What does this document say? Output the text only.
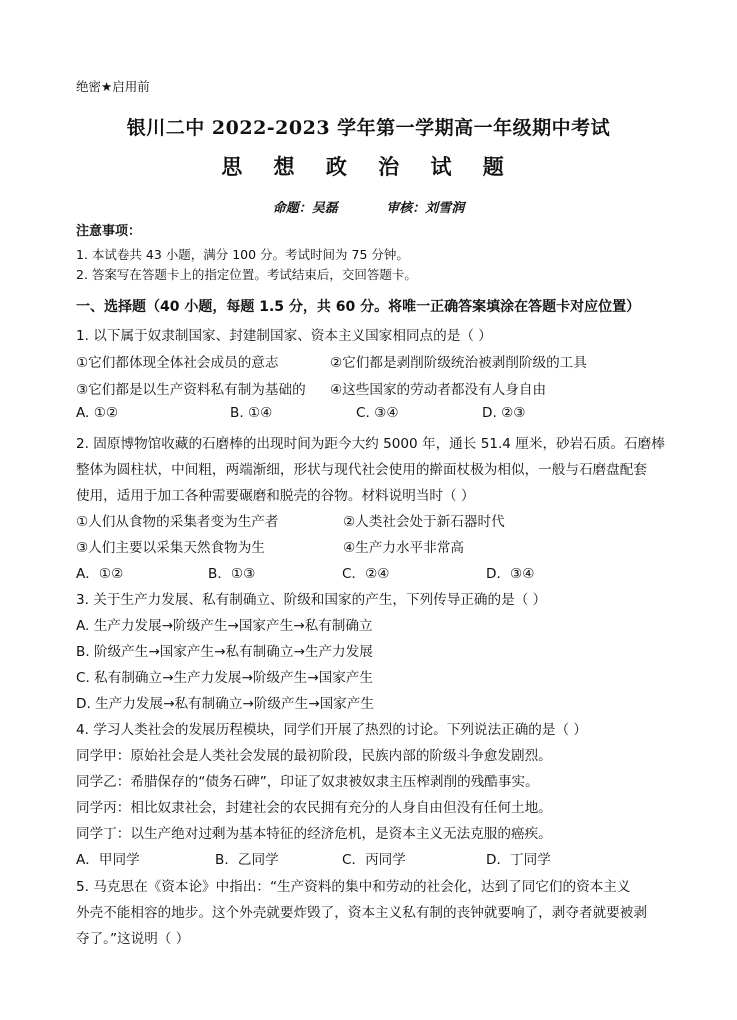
绝密★启用前
银川二中 2022-2023 学年第一学期高一年级期中考试
思 想 政 治 试 题
命题：吴磊	审核：刘雪润
注意事项：
1. 本试卷共 43 小题，满分 100 分。考试时间为 75 分钟。
2. 答案写在答题卡上的指定位置。考试结束后，交回答题卡。
一、选择题（40 小题，每题 1.5 分，共 60 分。将唯一正确答案填涂在答题卡对应位置）
1. 以下属于奴隶制国家、封建制国家、资本主义国家相同点的是（ ）
①它们都体现全体社会成员的意志	②它们都是剥削阶级统治被剥削阶级的工具
③它们都是以生产资料私有制为基础的 ④这些国家的劳动者都没有人身自由
A. ①②	B. ①④	C. ③④	D. ②③
2. 固原博物馆收藏的石磨棒的出现时间为距今大约 5000 年，通长 51.4 厘米，砂岩石质。石磨棒
整体为圆柱状，中间粗，两端渐细，形状与现代社会使用的擀面杖极为相似，一般与石磨盘配套
使用，适用于加工各种需要碾磨和脱壳的谷物。材料说明当时（ ）
①人们从食物的采集者变为生产者	②人类社会处于新石器时代
③人们主要以采集天然食物为生	④生产力水平非常高
A．①②	B．①③	C．②④	D．③④
3. 关于生产力发展、私有制确立、阶级和国家的产生，下列传导正确的是（ ）
A. 生产力发展→阶级产生→国家产生→私有制确立
B. 阶级产生→国家产生→私有制确立→生产力发展
C. 私有制确立→生产力发展→阶级产生→国家产生
D. 生产力发展→私有制确立→阶级产生→国家产生
4. 学习人类社会的发展历程模块，同学们开展了热烈的讨论。下列说法正确的是（ ）
同学甲：原始社会是人类社会发展的最初阶段，民族内部的阶级斗争愈发剧烈。
同学乙：希腊保存的“债务石碑”，印证了奴隶被奴隶主压榨剥削的残酷事实。
同学丙：相比奴隶社会，封建社会的农民拥有充分的人身自由但没有任何土地。
同学丁：以生产绝对过剩为基本特征的经济危机，是资本主义无法克服的癌疾。
A．甲同学	B．乙同学	C．丙同学	D．丁同学
5. 马克思在《资本论》中指出：“生产资料的集中和劳动的社会化，达到了同它们的资本主义
外壳不能相容的地步。这个外壳就要炸毁了，资本主义私有制的丧钟就要响了，剥夺者就要被剥
夺了。”这说明（ ）
